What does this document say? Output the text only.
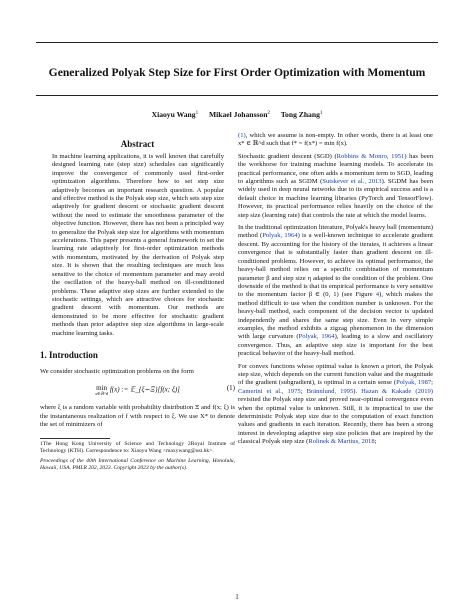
Generalized Polyak Step Size for First Order Optimization with Momentum
Xiaoyu Wang$^1$ Mikael Johansson$^2$ Tong Zhang$^1$
Abstract
In machine learning applications, it is well known that carefully designed learning rate (step size) schedules can significantly improve the convergence of commonly used first-order optimization algorithms. Therefore how to set step size adaptively becomes an important research question. A popular and effective method is the Polyak step size, which sets step size adaptively for gradient descent or stochastic gradient descent without the need to estimate the smoothness parameter of the objective function. However, there has not been a principled way to generalize the Polyak step size for algorithms with momentum accelerations. This paper presents a general framework to set the learning rate adaptively for first-order optimization methods with momentum, motivated by the derivation of Polyak step size. It is shown that the resulting techniques are much less sensitive to the choice of momentum parameter and may avoid the oscillation of the heavy-ball method on ill-conditioned problems. These adaptive step sizes are further extended to the stochastic settings, which are attractive choices for stochastic gradient descent with momentum. Our methods are demonstrated to be more effective for stochastic gradient methods than prior adaptive step size algorithms in large-scale machine learning tasks.
1. Introduction

We consider stochastic optimization problems on the form

min
x∈ℝ^d f(x) := 𝔼_{ξ∼Ξ}[f(x; ξ)]	(1)

where ξ is a random variable with probability distribution Ξ and f(x; ξ) is the instantaneous realization of f with respect to ξ. We use X* to denote the set of minimizers of

1The Hong Kong University of Science and Technology 2Royal Institute of Technology (KTH). Correspondence to: Xiaoyu Wang <maxywang@ust.hk>.

Proceedings of the 40th International Conference on Machine Learning, Honolulu, Hawaii, USA. PMLR 202, 2023. Copyright 2023 by the author(s).

(1), which we assume is non-empty. In other words, there is at least one x* ∈ ℝ^d such that f* = f(x*) = min f(x).

Stochastic gradient descent (SGD) (Robbins & Monro, 1951) has been the workhorse for training machine learning models. To accelerate its practical performance, one often adds a momentum term to SGD, leading to algorithms such as SGDM (Sutskever et al., 2013). SGDM has been widely used in deep neural networks due to its empirical success and is a default choice in machine learning libraries (PyTorch and TensorFlow). However, its practical performance relies heavily on the choice of the step size (learning rate) that controls the rate at which the model learns.

In the traditional optimization literature, Polyak's heavy ball (momentum) method (Polyak, 1964) is a well-known technique to accelerate gradient descent. By accounting for the history of the iterates, it achieves a linear convergence that is substantially faster than gradient descent on ill-conditioned problems. However, to achieve its optimal performance, the heavy-ball method relies on a specific combination of momentum parameter β and step size η adapted to the condition of the problem. One downside of the method is that its empirical performance is very sensitive to the momentum factor β ∈ (0, 1) (see Figure 4), which makes the method difficult to use when the condition number is unknown. For the heavy-ball method, each component of the decision vector is updated independently and shares the same step size. Even in very simple examples, the method exhibits a zigzag phenomenon in the dimension with large curvature (Polyak, 1964), leading to a slow and oscillatory convergence. Thus, an adaptive step size is important for the best practical behavior of the heavy-ball method.

For convex functions whose optimal value is known a priori, the Polyak step size, which depends on the current function value and the magnitude of the gradient (subgradient), is optimal in a certain sense (Polyak, 1987; Camerini et al., 1975; Brännlund, 1995). Hazan & Kakade (2019) revisited the Polyak step size and proved near-optimal convergence even when the optimal value is unknown. Still, it is impractical to use the deterministic Polyak step size due to the computation of exact function values and gradients in each iteration. Recently, there has been a strong interest in developing adaptive step size policies that are inspired by the classical Polyak step size (Rolinek & Martius, 2018;

1
